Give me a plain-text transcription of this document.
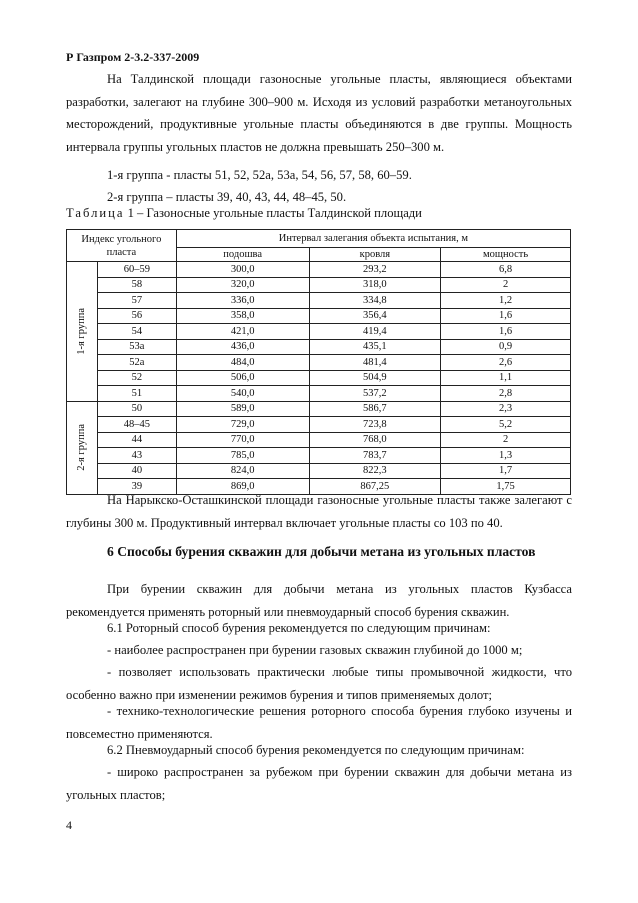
Р Газпром 2-3.2-337-2009

На Талдинской площади газоносные угольные пласты, являющиеся объектами разработки, залегают на глубине 300–900 м. Исходя из условий разработки метаноугольных месторождений, продуктивные угольные пласты объединяются в две группы. Мощность интервала группы угольных пластов не должна превышать 250–300 м.

1-я группа - пласты 51, 52, 52а, 53а, 54, 56, 57, 58, 60–59.
2-я группа – пласты 39, 40, 43, 44, 48–45, 50.
Таблица 1 – Газоносные угольные пласты Талдинской площади
Индекс угольного пласта		Интервал залегания объекта испытания, м		
		подошва	кровля	мощность

1-я группа	60–59	300,0	293,2	6,8
	58	320,0	318,0	2
	57	336,0	334,8	1,2
	56	358,0	356,4	1,6
	54	421,0	419,4	1,6
	53а	436,0	435,1	0,9
	52а	484,0	481,4	2,6
	52	506,0	504,9	1,1
	51	540,0	537,2	2,8

2-я группа	50	589,0	586,7	2,3
	48–45	729,0	723,8	5,2
	44	770,0	768,0	2
	43	785,0	783,7	1,3
	40	824,0	822,3	1,7
	39	869,0	867,25	1,75

На Нарыкско-Осташкинской площади газоносные угольные пласты также залегают с глубины 300 м. Продуктивный интервал включает угольные пласты со 103 по 40.

6 Способы бурения скважин для добычи метана из угольных пластов

При бурении скважин для добычи метана из угольных пластов Кузбасса рекомендуется применять роторный или пневмоударный способ бурения скважин.

6.1 Роторный способ бурения рекомендуется по следующим причинам:
- наиболее распространен при бурении газовых скважин глубиной до 1000 м;

- позволяет использовать практически любые типы промывочной жидкости, что особенно важно при изменении режимов бурения и типов применяемых долот;

- технико-технологические решения роторного способа бурения глубоко изучены и повсеместно применяются.

6.2 Пневмоударный способ бурения рекомендуется по следующим причинам:

- широко распространен за рубежом при бурении скважин для добычи метана из угольных пластов;

4
